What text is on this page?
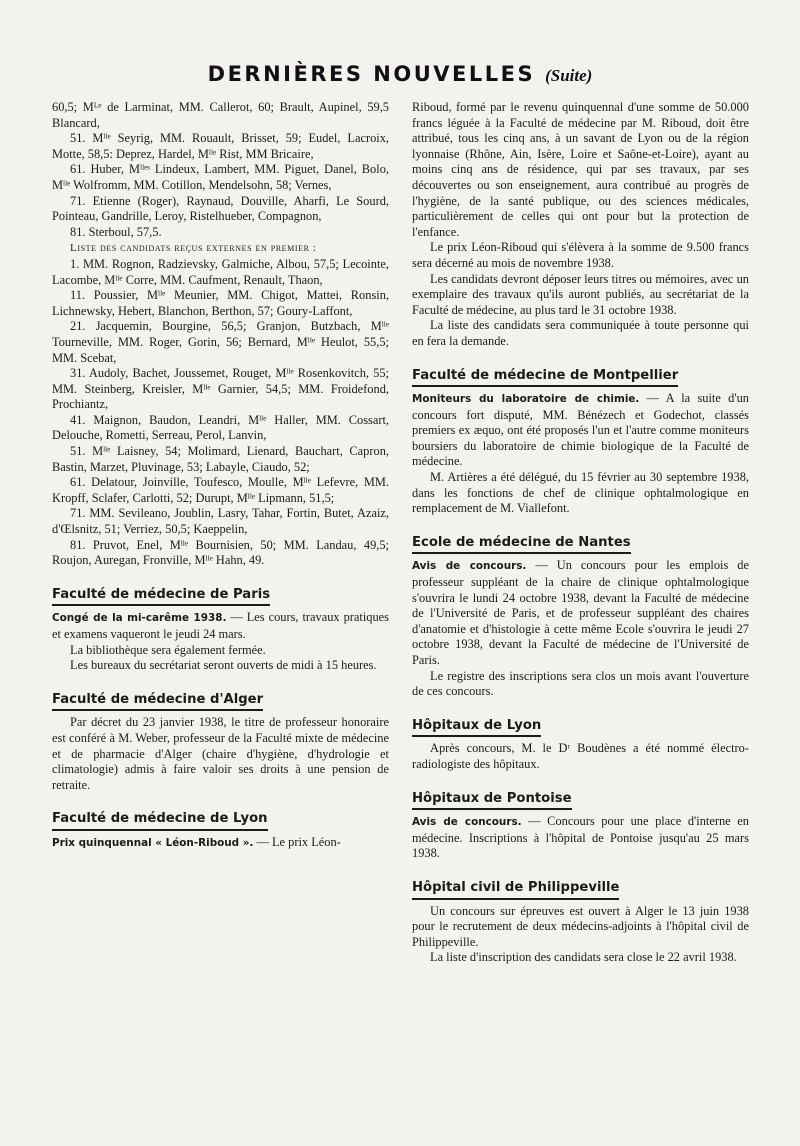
DERNIÈRES NOUVELLES (Suite)

60,5; Mᴸᵉ de Larminat, MM. Callerot, 60; Brault, Aupinel, 59,5 Blancard,

51. Mˡˡᵉ Seyrig, MM. Rouault, Brisset, 59; Eudel, Lacroix, Motte, 58,5: Deprez, Hardel, Mˡˡᵉ Rist, MM Bricaire,

61. Huber, Mˡˡᵉˢ Lindeux, Lambert, MM. Piguet, Danel, Bolo, Mˡˡᵉ Wolfromm, MM. Cotillon, Mendelsohn, 58; Vernes,

71. Etienne (Roger), Raynaud, Douville, Aharfi, Le Sourd, Pointeau, Gandrille, Leroy, Ristelhueber, Compagnon,

81. Sterboul, 57,5.

Liste des candidats reçus externes en premier :

1. MM. Rognon, Radzievsky, Galmiche, Albou, 57,5; Lecointe, Lacombe, Mˡˡᵉ Corre, MM. Caufment, Renault, Thaon,

11. Poussier, Mˡˡᵉ Meunier, MM. Chigot, Mattei, Ronsin, Lichnewsky, Hebert, Blanchon, Berthon, 57; Goury-Laffont,

21. Jacquemin, Bourgine, 56,5; Granjon, Butzbach, Mˡˡᵉ Tourneville, MM. Roger, Gorin, 56; Bernard, Mˡˡᵉ Heulot, 55,5; MM. Scebat,

31. Audoly, Bachet, Joussemet, Rouget, Mˡˡᵉ Rosenkovitch, 55; MM. Steinberg, Kreisler, Mˡˡᵉ Garnier, 54,5; MM. Froidefond, Prochiantz,

41. Maignon, Baudon, Leandri, Mˡˡᵉ Haller, MM. Cossart, Delouche, Rometti, Serreau, Perol, Lanvin,

51. Mˡˡᵉ Laisney, 54; Molimard, Lienard, Bauchart, Capron, Bastin, Marzet, Pluvinage, 53; Labayle, Ciaudo, 52;

61. Delatour, Joinville, Toufesco, Moulle, Mˡˡᵉ Lefevre, MM. Kropff, Sclafer, Carlotti, 52; Durupt, Mˡˡᵉ Lipmann, 51,5;

71. MM. Sevileano, Joublin, Lasry, Tahar, Fortin, Butet, Azaiz, d'Œlsnitz, 51; Verriez, 50,5; Kaeppelin,

81. Pruvot, Enel, Mˡˡᵉ Bournisien, 50; MM. Landau, 49,5; Roujon, Auregan, Fronville, Mˡˡᵉ Hahn, 49.

Faculté de médecine de Paris

Congé de la mi-carême 1938. — Les cours, travaux pratiques et examens vaqueront le jeudi 24 mars.

La bibliothèque sera également fermée.

Les bureaux du secrétariat seront ouverts de midi à 15 heures.

Faculté de médecine d'Alger

Par décret du 23 janvier 1938, le titre de professeur honoraire est conféré à M. Weber, professeur de la Faculté mixte de médecine et de pharmacie d'Alger (chaire d'hygiène, d'hydrologie et climatologie) admis à faire valoir ses droits à une pension de retraite.

Faculté de médecine de Lyon

Prix quinquennal « Léon-Riboud ». — Le prix Léon-

Riboud, formé par le revenu quinquennal d'une somme de 50.000 francs léguée à la Faculté de médecine par M. Riboud, doit être attribué, tous les cinq ans, à un savant de Lyon ou de la région lyonnaise (Rhône, Ain, Isère, Loire et Saône-et-Loire), ayant au moins cinq ans de résidence, qui par ses travaux, par ses découvertes ou son enseignement, aura contribué au progrès de l'hygiène, de la santé publique, ou des sciences médicales, particulièrement de celles qui ont pour but la protection de l'enfance.

Le prix Léon-Riboud qui s'élèvera à la somme de 9.500 francs sera décerné au mois de novembre 1938.

Les candidats devront déposer leurs titres ou mémoires, avec un exemplaire des travaux qu'ils auront publiés, au secrétariat de la Faculté de médecine, au plus tard le 31 octobre 1938.

La liste des candidats sera communiquée à toute personne qui en fera la demande.

Faculté de médecine de Montpellier

Moniteurs du laboratoire de chimie. — A la suite d'un concours fort disputé, MM. Bénézech et Godechot, classés premiers ex æquo, ont été proposés l'un et l'autre comme moniteurs boursiers du laboratoire de chimie biologique de la Faculté de médecine.

M. Artières a été délégué, du 15 février au 30 septembre 1938, dans les fonctions de chef de clinique ophtalmologique en remplacement de M. Viallefont.

Ecole de médecine de Nantes

Avis de concours. — Un concours pour les emplois de professeur suppléant de la chaire de clinique ophtalmologique s'ouvrira le lundi 24 octobre 1938, devant la Faculté de médecine de l'Université de Paris, et de professeur suppléant des chaires d'anatomie et d'histologie à cette même Ecole s'ouvrira le jeudi 27 octobre 1938, devant la Faculté de médecine de l'Université de Paris.

Le registre des inscriptions sera clos un mois avant l'ouverture de ces concours.

Hôpitaux de Lyon

Après concours, M. le Dʳ Boudènes a été nommé électro-radiologiste des hôpitaux.

Hôpitaux de Pontoise

Avis de concours. — Concours pour une place d'interne en médecine. Inscriptions à l'hôpital de Pontoise jusqu'au 25 mars 1938.

Hôpital civil de Philippeville

Un concours sur épreuves est ouvert à Alger le 13 juin 1938 pour le recrutement de deux médecins-adjoints à l'hôpital civil de Philippeville.

La liste d'inscription des candidats sera close le 22 avril 1938.
